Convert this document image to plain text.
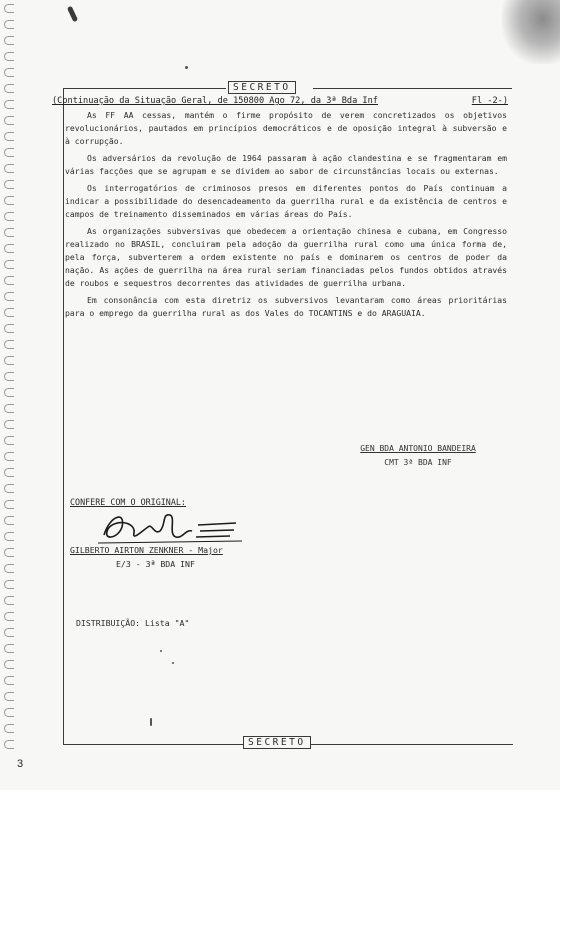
SECRETO
(Continuação da Situação Geral, de 150800 Ago 72, da 3ª Bda Inf	Fl -2-)

As FF AA cessas, mantém o firme propósito de verem concretizados os objetivos revolucionários, pautados em princípios democráticos e de oposição integral à subversão e à corrupção.

Os adversários da revolução de 1964 passaram à ação clandestina e se fragmentaram em várias facções que se agrupam e se dividem ao sabor de circunstâncias locais ou externas.

Os interrogatórios de criminosos presos em diferentes pontos do País continuam a indicar a possibilidade do desencadeamento da guerrilha rural e da existência de centros e campos de treinamento disseminados em várias áreas do País.

As organizações subversivas que obedecem a orientação chinesa e cubana, em Congresso realizado no BRASIL, concluiram pela adoção da guerrilha rural como uma única forma de, pela força, subverterem a ordem existente no país e dominarem os centros de poder da nação. As ações de guerrilha na área rural seriam financiadas pelos fundos obtidos através de roubos e sequestros decorrentes das atividades de guerrilha urbana.

Em consonância com esta diretriz os subversivos levantaram como áreas prioritárias para o emprego da guerrilha rural as dos Vales do TOCANTINS e do ARAGUAIA.

GEN BDA ANTONIO BANDEIRA
CMT 3ª BDA INF
CONFERE COM O ORIGINAL:
GILBERTO AIRTON ZENKNER - Major
E/3 - 3ª BDA INF
DISTRIBUIÇÃO: Lista "A"
SECRETO
3
